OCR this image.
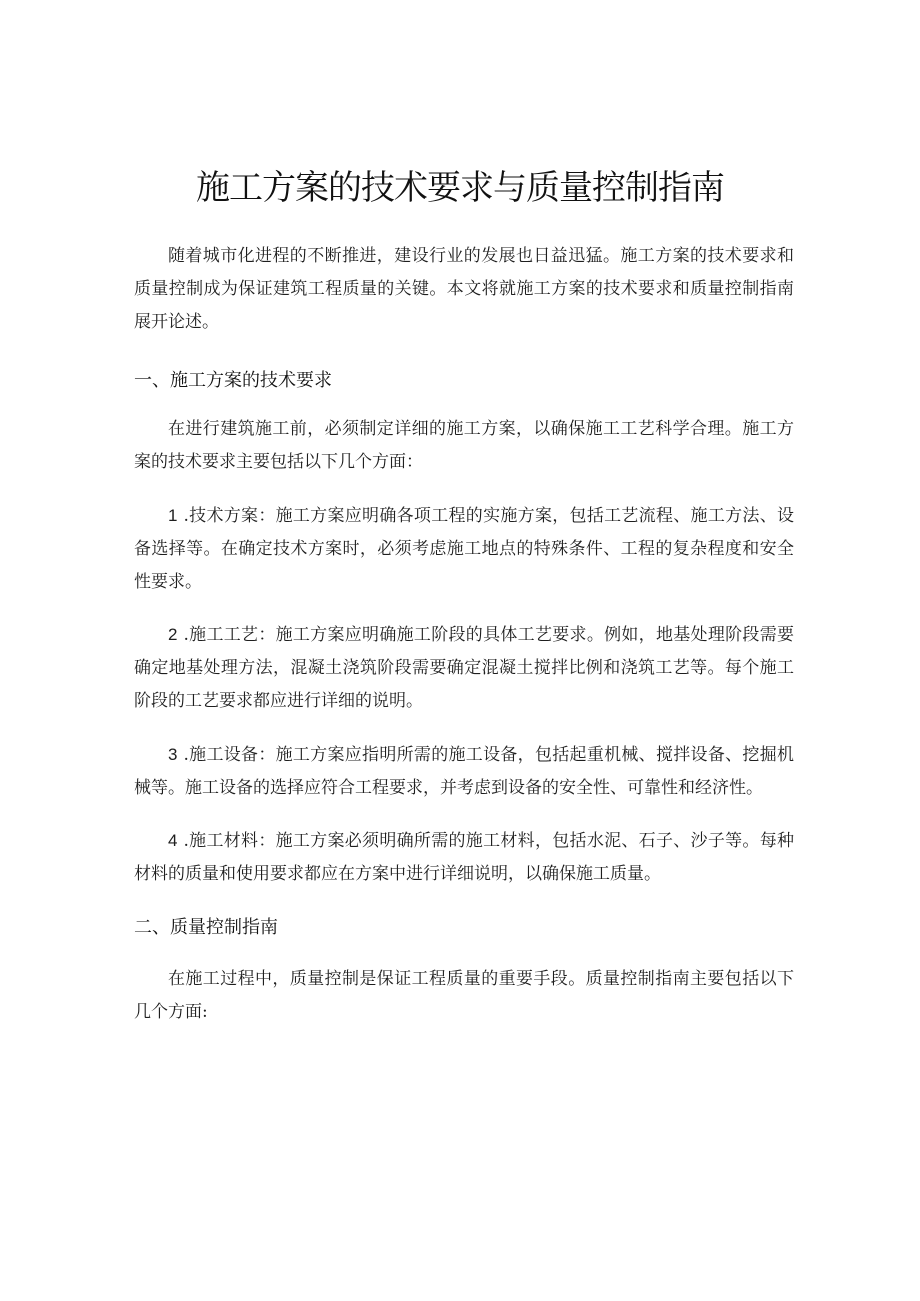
施工方案的技术要求与质量控制指南

随着城市化进程的不断推进，建设行业的发展也日益迅猛。施工方案的技术要求和质量控制成为保证建筑工程质量的关键。本文将就施工方案的技术要求和质量控制指南展开论述。

一、施工方案的技术要求

在进行建筑施工前，必须制定详细的施工方案，以确保施工工艺科学合理。施工方案的技术要求主要包括以下几个方面：

1 .技术方案：施工方案应明确各项工程的实施方案，包括工艺流程、施工方法、设备选择等。在确定技术方案时，必须考虑施工地点的特殊条件、工程的复杂程度和安全性要求。

2 .施工工艺：施工方案应明确施工阶段的具体工艺要求。例如，地基处理阶段需要确定地基处理方法，混凝土浇筑阶段需要确定混凝土搅拌比例和浇筑工艺等。每个施工阶段的工艺要求都应进行详细的说明。

3 .施工设备：施工方案应指明所需的施工设备，包括起重机械、搅拌设备、挖掘机械等。施工设备的选择应符合工程要求，并考虑到设备的安全性、可靠性和经济性。

4 .施工材料：施工方案必须明确所需的施工材料，包括水泥、石子、沙子等。每种材料的质量和使用要求都应在方案中进行详细说明，以确保施工质量。

二、质量控制指南

在施工过程中，质量控制是保证工程质量的重要手段。质量控制指南主要包括以下几个方面:
